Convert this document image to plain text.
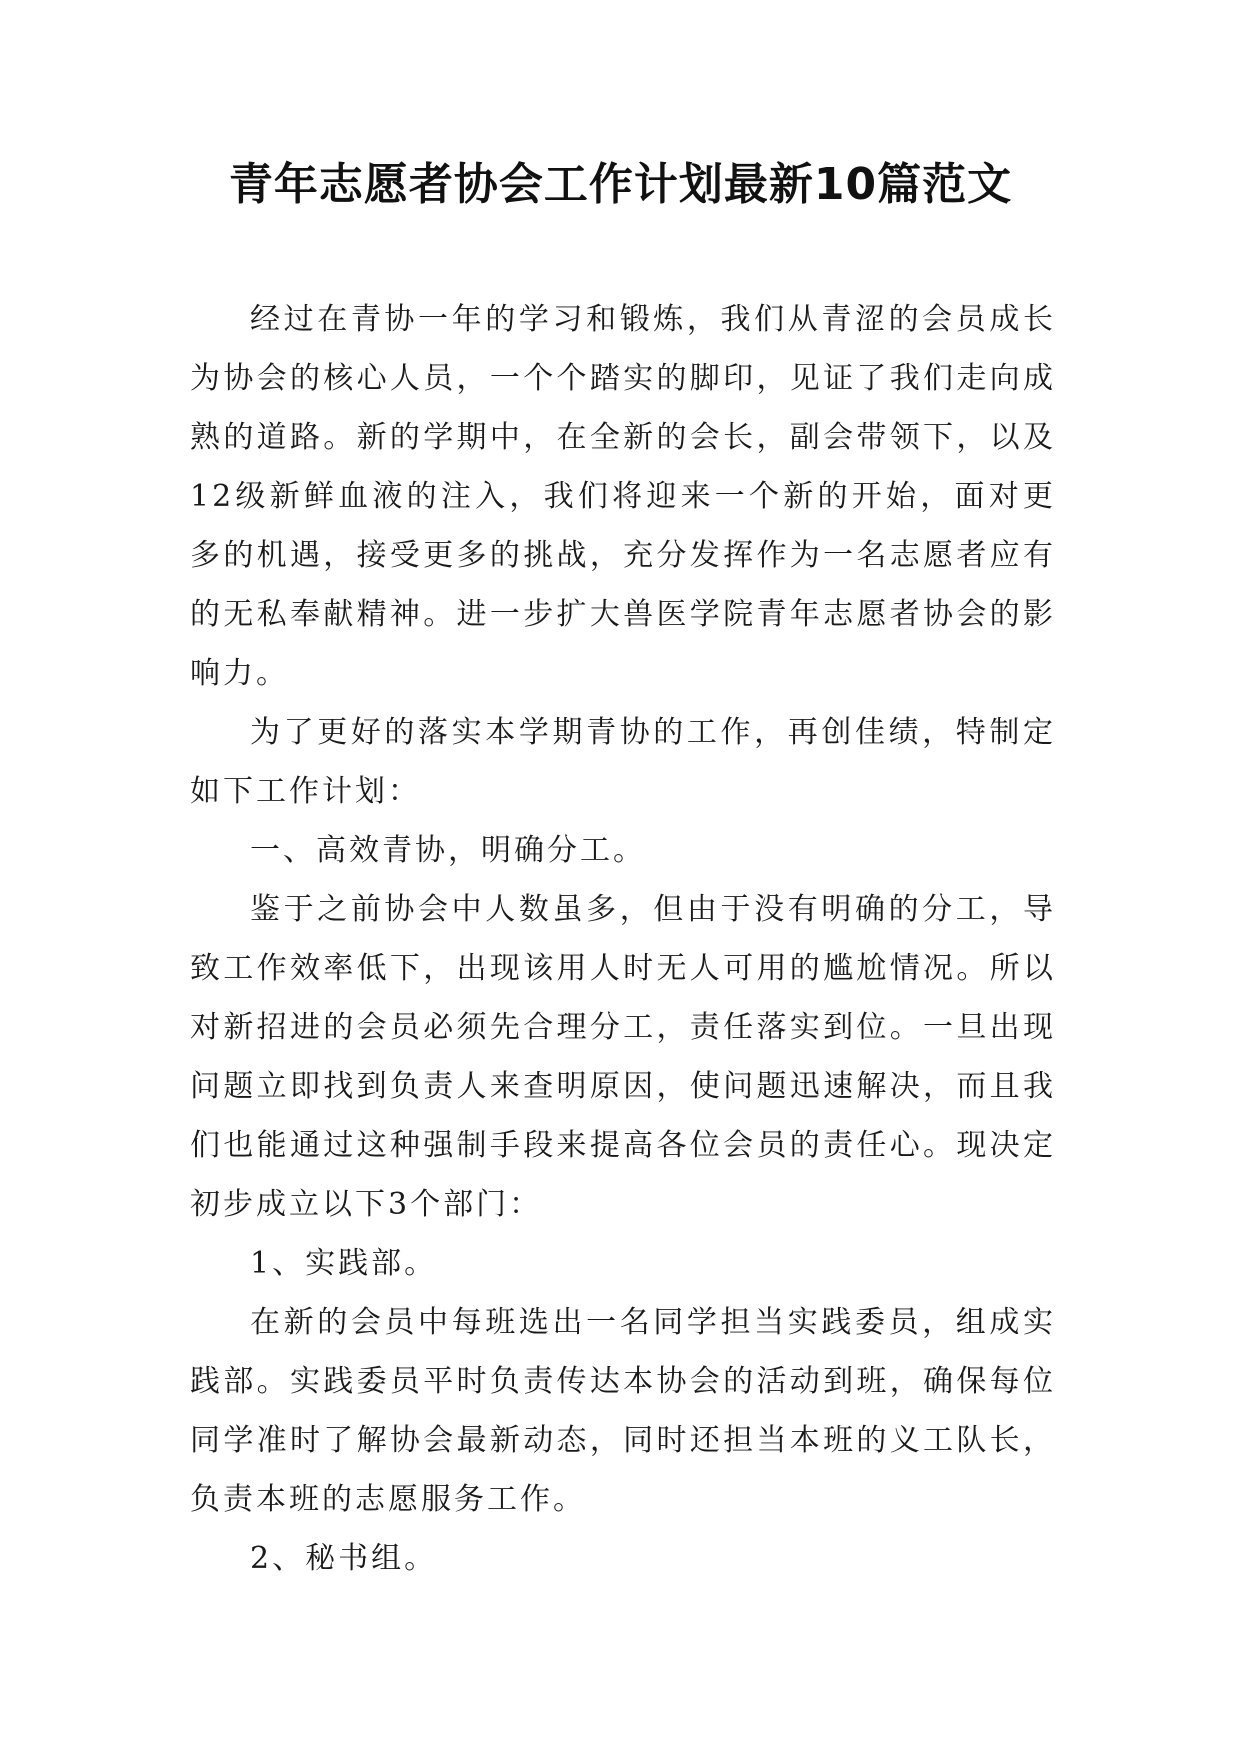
青年志愿者协会工作计划最新10篇范文

经过在青协一年的学习和锻炼，我们从青涩的会员成长为协会的核心人员，一个个踏实的脚印，见证了我们走向成熟的道路。新的学期中，在全新的会长，副会带领下，以及12级新鲜血液的注入，我们将迎来一个新的开始，面对更多的机遇，接受更多的挑战，充分发挥作为一名志愿者应有的无私奉献精神。进一步扩大兽医学院青年志愿者协会的影响力。

为了更好的落实本学期青协的工作，再创佳绩，特制定如下工作计划：

一、高效青协，明确分工。

鉴于之前协会中人数虽多，但由于没有明确的分工，导致工作效率低下，出现该用人时无人可用的尴尬情况。所以对新招进的会员必须先合理分工，责任落实到位。一旦出现问题立即找到负责人来查明原因，使问题迅速解决，而且我们也能通过这种强制手段来提高各位会员的责任心。现决定初步成立以下3个部门：

1、实践部。

在新的会员中每班选出一名同学担当实践委员，组成实践部。实践委员平时负责传达本协会的活动到班，确保每位同学准时了解协会最新动态，同时还担当本班的义工队长，负责本班的志愿服务工作。

2、秘书组。
